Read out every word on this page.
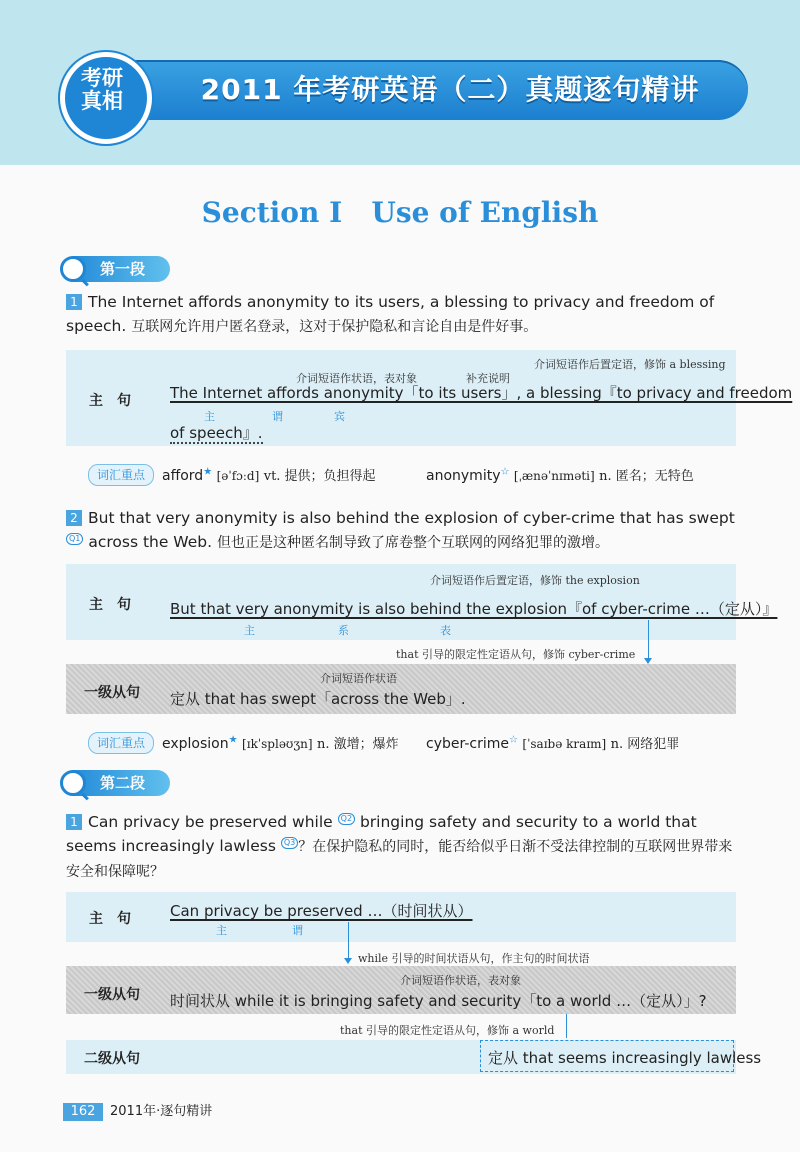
2011 年考研英语（二）真题逐句精讲
考研真相
Section Ⅰ   Use of English
第一段
1 The Internet affords anonymity to its users, a blessing to privacy and freedom of speech. 互联网允许用户匿名登录，这对于保护隐私和言论自由是件好事。
主　句
介词短语作状语，表对象	补充说明
介词短语作后置定语，修饰 a blessing
The Internet affords anonymity「to its users」, a blessing『to privacy and freedom
of speech』.
主	谓	宾
词汇重点	afford★ [əˈfɔːd] vt. 提供；负担得起	anonymity☆ [ˌænəˈnɪməti] n. 匿名；无特色
2 But that very anonymity is also behind the explosion of cyber-crime that has swept Q1 across the Web. 但也正是这种匿名制导致了席卷整个互联网的网络犯罪的激增。
主　句
介词短语作后置定语，修饰 the explosion
But that very anonymity is also behind the explosion『of cyber-crime …（定从）』
主	系	表
that 引导的限定性定语从句，修饰 cyber-crime
一级从句
介词短语作状语
定从 that has swept「across the Web」.
词汇重点	explosion★ [ɪkˈspləʊʒn] n. 激增；爆炸 cyber-crime☆ [ˈsaɪbə kraɪm] n. 网络犯罪
第二段
1 Can privacy be preserved while Q2 bringing safety and security to a world that seems increasingly lawless Q3 ？在保护隐私的同时，能否给似乎日渐不受法律控制的互联网世界带来安全和保障呢？
主　句	Can privacy be preserved …（时间状从）
主	谓
while 引导的时间状语从句，作主句的时间状语
一级从句
介词短语作状语，表对象
时间状从 while it is bringing safety and security「to a world …（定从）」?
that 引导的限定性定语从句，修饰 a world
二级从句	定从 that seems increasingly lawless
162	2011年·逐句精讲
